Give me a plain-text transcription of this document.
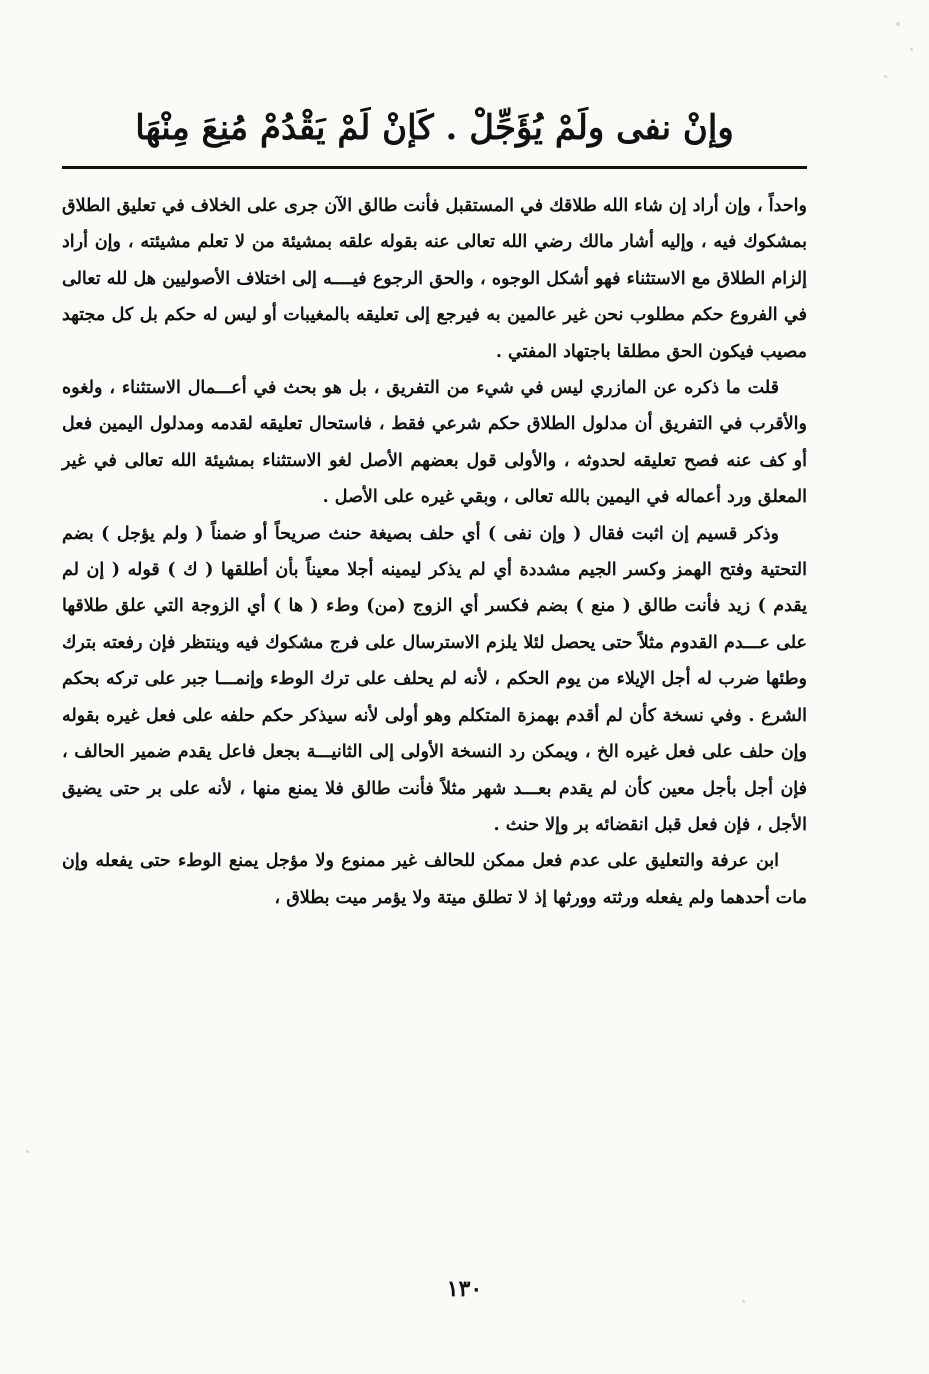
وإنْ نفى ولَمْ يُؤَجِّلْ . كَإنْ لَمْ يَقْدُمْ مُنِعَ مِنْهَا

واحداً ، وإن أراد إن شاء الله طلاقك في المستقبل فأنت طالق الآن جرى على الخلاف في تعليق الطلاق بمشكوك فيه ، وإليه أشار مالك رضي الله تعالى عنه بقوله علقه بمشيئة من لا تعلم مشيئته ، وإن أراد إلزام الطلاق مع الاستثناء فهو أشكل الوجوه ، والحق الرجوع فيــــه إلى اختلاف الأصوليين هل لله تعالى في الفروع حكم مطلوب نحن غير عالمين به فيرجع إلى تعليقه بالمغيبات أو ليس له حكم بل كل مجتهد مصيب فيكون الحق مطلقا باجتهاد المفتي .

قلت ما ذكره عن المازري ليس في شيء من التفريق ، بل هو بحث في أعـــمال الاستثناء ، ولغوه والأقرب في التفريق أن مدلول الطلاق حكم شرعي فقط ، فاستحال تعليقه لقدمه ومدلول اليمين فعل أو كف عنه فصح تعليقه لحدوثه ، والأولى قول بعضهم الأصل لغو الاستثناء بمشيئة الله تعالى في غير المعلق ورد أعماله في اليمين بالله تعالى ، وبقي غيره على الأصل .

وذكر قسيم إن اثبت فقال ( وإن نفى ) أي حلف بصيغة حنث صريحاً أو ضمناً ( ولم يؤجل ) بضم التحتية وفتح الهمز وكسر الجيم مشددة أي لم يذكر ليمينه أجلا معيناً بأن أطلقها ( ك ) قوله ( إن لم يقدم ) زيد فأنت طالق ( منع ) بضم فكسر أي الزوج (من) وطء ( ها ) أي الزوجة التي علق طلاقها على عـــدم القدوم مثلاً حتى يحصل لئلا يلزم الاسترسال على فرج مشكوك فيه وينتظر فإن رفعته بترك وطئها ضرب له أجل الإيلاء من يوم الحكم ، لأنه لم يحلف على ترك الوطء وإنمـــا جبر على تركه بحكم الشرع . وفي نسخة كأن لم أقدم بهمزة المتكلم وهو أولى لأنه سيذكر حكم حلفه على فعل غيره بقوله وإن حلف على فعل غيره الخ ، ويمكن رد النسخة الأولى إلى الثانيـــة بجعل فاعل يقدم ضمير الحالف ، فإن أجل بأجل معين كأن لم يقدم بعـــد شهر مثلاً فأنت طالق فلا يمنع منها ، لأنه على بر حتى يضيق الأجل ، فإن فعل قبل انقضائه بر وإلا حنث .

ابن عرفة والتعليق على عدم فعل ممكن للحالف غير ممنوع ولا مؤجل يمنع الوطء حتى يفعله وإن مات أحدهما ولم يفعله ورثته وورثها إذ لا تطلق ميتة ولا يؤمر ميت بطلاق ،

١٣٠
